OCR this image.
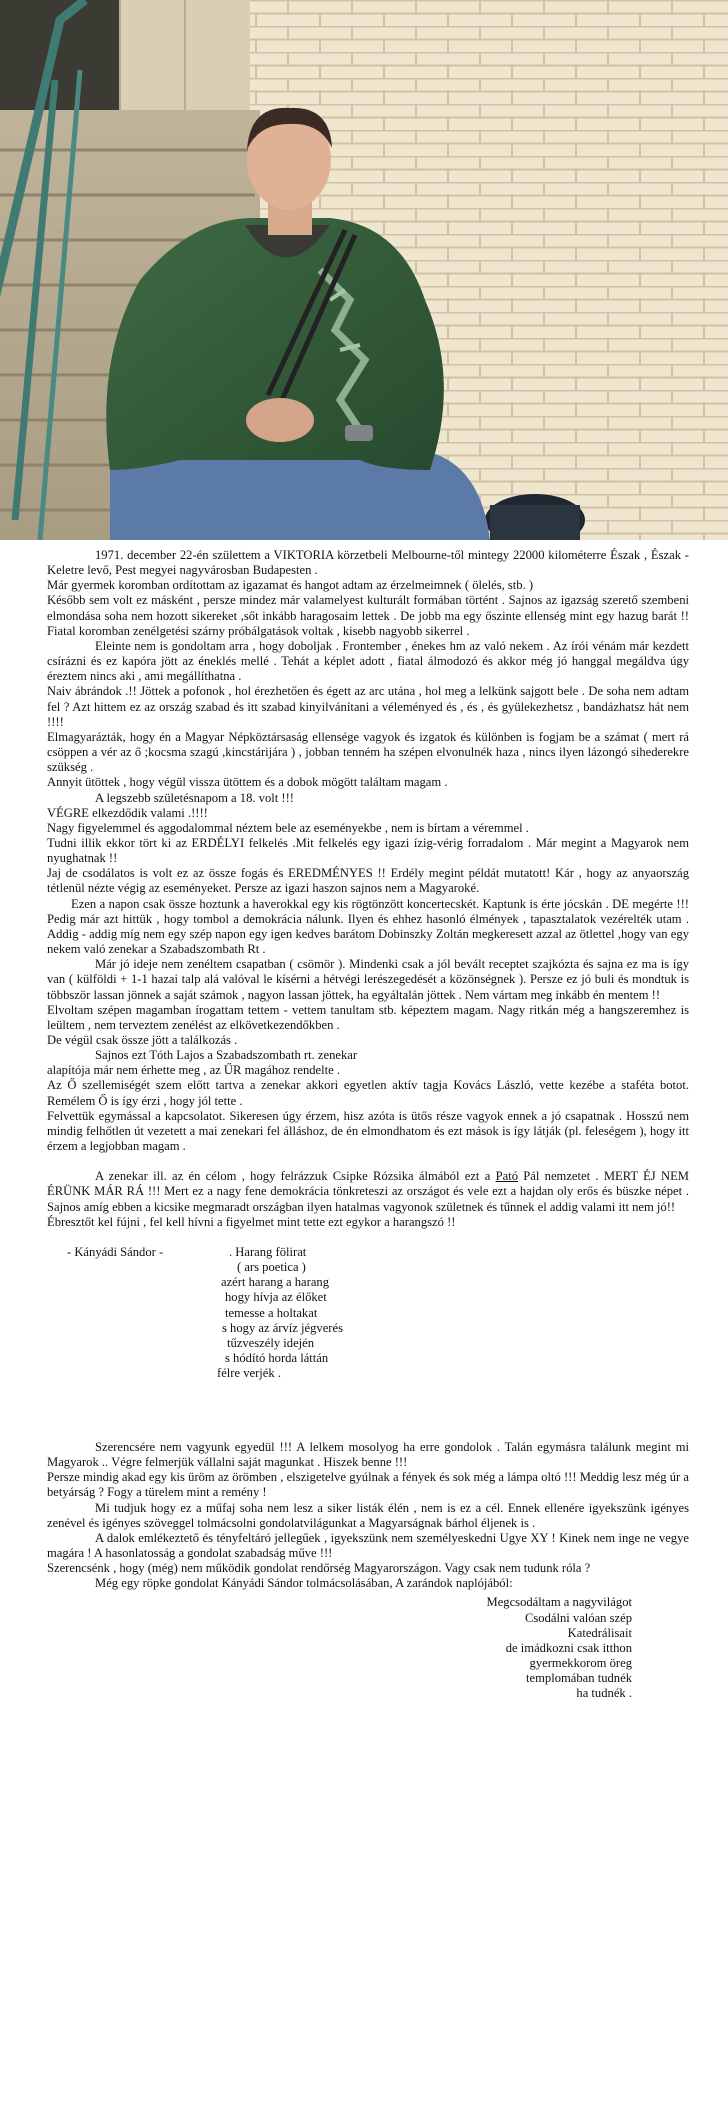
1971. december 22-én születtem a VIKTORIA körzetbeli Melbourne-től mintegy 22000 kilométerre Észak , Észak - Keletre levő, Pest megyei nagyvárosban Budapesten .

Már gyermek koromban ordítottam az igazamat és hangot adtam az érzelmeimnek ( ölelés, stb. )

Később sem volt ez másként , persze mindez már valamelyest kulturált formában történt . Sajnos az igazság szerető szembeni elmondása soha nem hozott sikereket ,sőt inkább haragosaim lettek . De jobb ma egy őszinte ellenség mint egy hazug barát !! Fiatal koromban zenélgetési szárny próbálgatások voltak , kisebb nagyobb sikerrel .

Eleinte nem is gondoltam arra , hogy doboljak . Frontember , énekes hm az való nekem . Az írói vénám már kezdett csírázni és ez kapóra jött az éneklés mellé . Tehát a képlet adott , fiatal álmodozó és akkor még jó hanggal megáldva úgy éreztem nincs aki , ami megállíthatna .

Naiv ábrándok .!! Jöttek a pofonok , hol érezhetően és égett az arc utána , hol meg a lelkünk sajgott bele . De soha nem adtam fel ? Azt hittem ez az ország szabad és itt szabad kinyilvánítani a véleményed és , és , és gyülekezhetsz , bandázhatsz hát nem !!!!

Elmagyarázták, hogy én a Magyar Népköztársaság ellensége vagyok és izgatok és különben is fogjam be a számat ( mert rá csöppen a vér az ő ;kocsma szagú ,kincstárijára ) , jobban tenném ha szépen elvonulnék haza , nincs ilyen lázongó sihederekre szükség .

Annyit ütöttek , hogy végül vissza ütöttem és a dobok mögött találtam magam .

A legszebb születésnapom a 18. volt !!!

VÉGRE elkezdődik valami .!!!!

Nagy figyelemmel és aggodalommal néztem bele az eseményekbe , nem is bírtam a véremmel .

Tudni illik ekkor tört ki az ERDÉLYI felkelés .Mit felkelés egy igazi ízig-vérig forradalom . Már megint a Magyarok nem nyughatnak !!

Jaj de csodálatos is volt ez az össze fogás és EREDMÉNYES !! Erdély megint példát mutatott! Kár , hogy az anyaország tétlenül nézte végig az eseményeket. Persze az igazi haszon sajnos nem a Magyaroké.

Ezen a napon csak össze hoztunk a haverokkal egy kis rögtönzött koncertecskét. Kaptunk is érte jócskán . DE megérte !!! Pedig már azt hittük , hogy tombol a demokrácia nálunk. Ilyen és ehhez hasonló élmények , tapasztalatok vezérelték utam . Addig - addig míg nem egy szép napon egy igen kedves barátom Dobinszky Zoltán megkeresett azzal az ötlettel ,hogy van egy nekem való zenekar a Szabadszombath Rt .

Már jó ideje nem zenéltem csapatban ( csömör ). Mindenki csak a jól bevált receptet szajkózta és sajna ez ma is így van ( külföldi + 1-1 hazai talp alá valóval le kísérni a hétvégi lerészegedését a közönségnek ). Persze ez jó buli és mondtuk is többször lassan jönnek a saját számok , nagyon lassan jöttek, ha egyáltalán jöttek . Nem vártam meg inkább én mentem !!

Elvoltam szépen magamban írogattam tettem - vettem tanultam stb. képeztem magam. Nagy ritkán még a hangszeremhez is leültem , nem terveztem zenélést az elkövetkezendőkben .

De végül csak össze jött a találkozás .

Sajnos ezt Tóth Lajos a Szabadszombath rt. zenekar

alapítója már nem érhette meg , az ŰR magához rendelte .

Az Ő szellemiségét szem előtt tartva a zenekar akkori egyetlen aktív tagja Kovács László, vette kezébe a staféta botot. Remélem Ő is így érzi , hogy jól tette .

Felvettük egymással a kapcsolatot. Sikeresen úgy érzem, hisz azóta is ütős része vagyok ennek a jó csapatnak . Hosszú nem mindig felhőtlen út vezetett a mai zenekari fel álláshoz, de én elmondhatom és ezt mások is így látják (pl. feleségem ), hogy itt érzem a legjobban magam .

A zenekar ill. az én célom , hogy felrázzuk Csipke Rózsika álmából ezt a Pató Pál nemzetet . MERT ÉJ NEM ÉRÜNK MÁR RÁ !!! Mert ez a nagy fene demokrácia tönkreteszi az országot és vele ezt a hajdan oly erős és büszke népet . Sajnos amíg ebben a kicsike megmaradt országban ilyen hatalmas vagyonok születnek és tűnnek el addig valami itt nem jó!!

Ébresztőt kel fújni , fel kell hívni a figyelmet mint tette ezt egykor a harangszó !!

- Kányádi Sándor -	. Harang fölirat

( ars poetica )

azért harang a harang

hogy hívja az élőket

temesse a holtakat

s hogy az árvíz jégverés

tűzveszély idején

s hódító horda láttán

félre verjék .

Szerencsére nem vagyunk egyedül !!! A lelkem mosolyog ha erre gondolok . Talán egymásra találunk megint mi Magyarok .. Végre felmerjük vállalni saját magunkat . Hiszek benne !!!

Persze mindig akad egy kis üröm az örömben , elszigetelve gyúlnak a fények és sok még a lámpa oltó !!! Meddig lesz még úr a betyárság ? Fogy a türelem mint a remény !

Mi tudjuk hogy ez a műfaj soha nem lesz a siker listák élén , nem is ez a cél. Ennek ellenére igyekszünk igényes zenével és igényes szöveggel tolmácsolni gondolatvilágunkat a Magyarságnak bárhol éljenek is .

A dalok emlékeztető és tényfeltáró jellegűek , igyekszünk nem személyeskedni Ugye XY ! Kinek nem inge ne vegye magára ! A hasonlatosság a gondolat szabadság műve !!!

Szerencsénk , hogy (még) nem működik gondolat rendőrség Magyarországon. Vagy csak nem tudunk róla ?

Még egy röpke gondolat Kányádi Sándor tolmácsolásában, A zarándok naplójából:

Megcsodáltam a nagyvilágot

Csodálni valóan szép

Katedrálisait

de imádkozni csak itthon

gyermekkorom öreg

templomában tudnék

ha tudnék .
